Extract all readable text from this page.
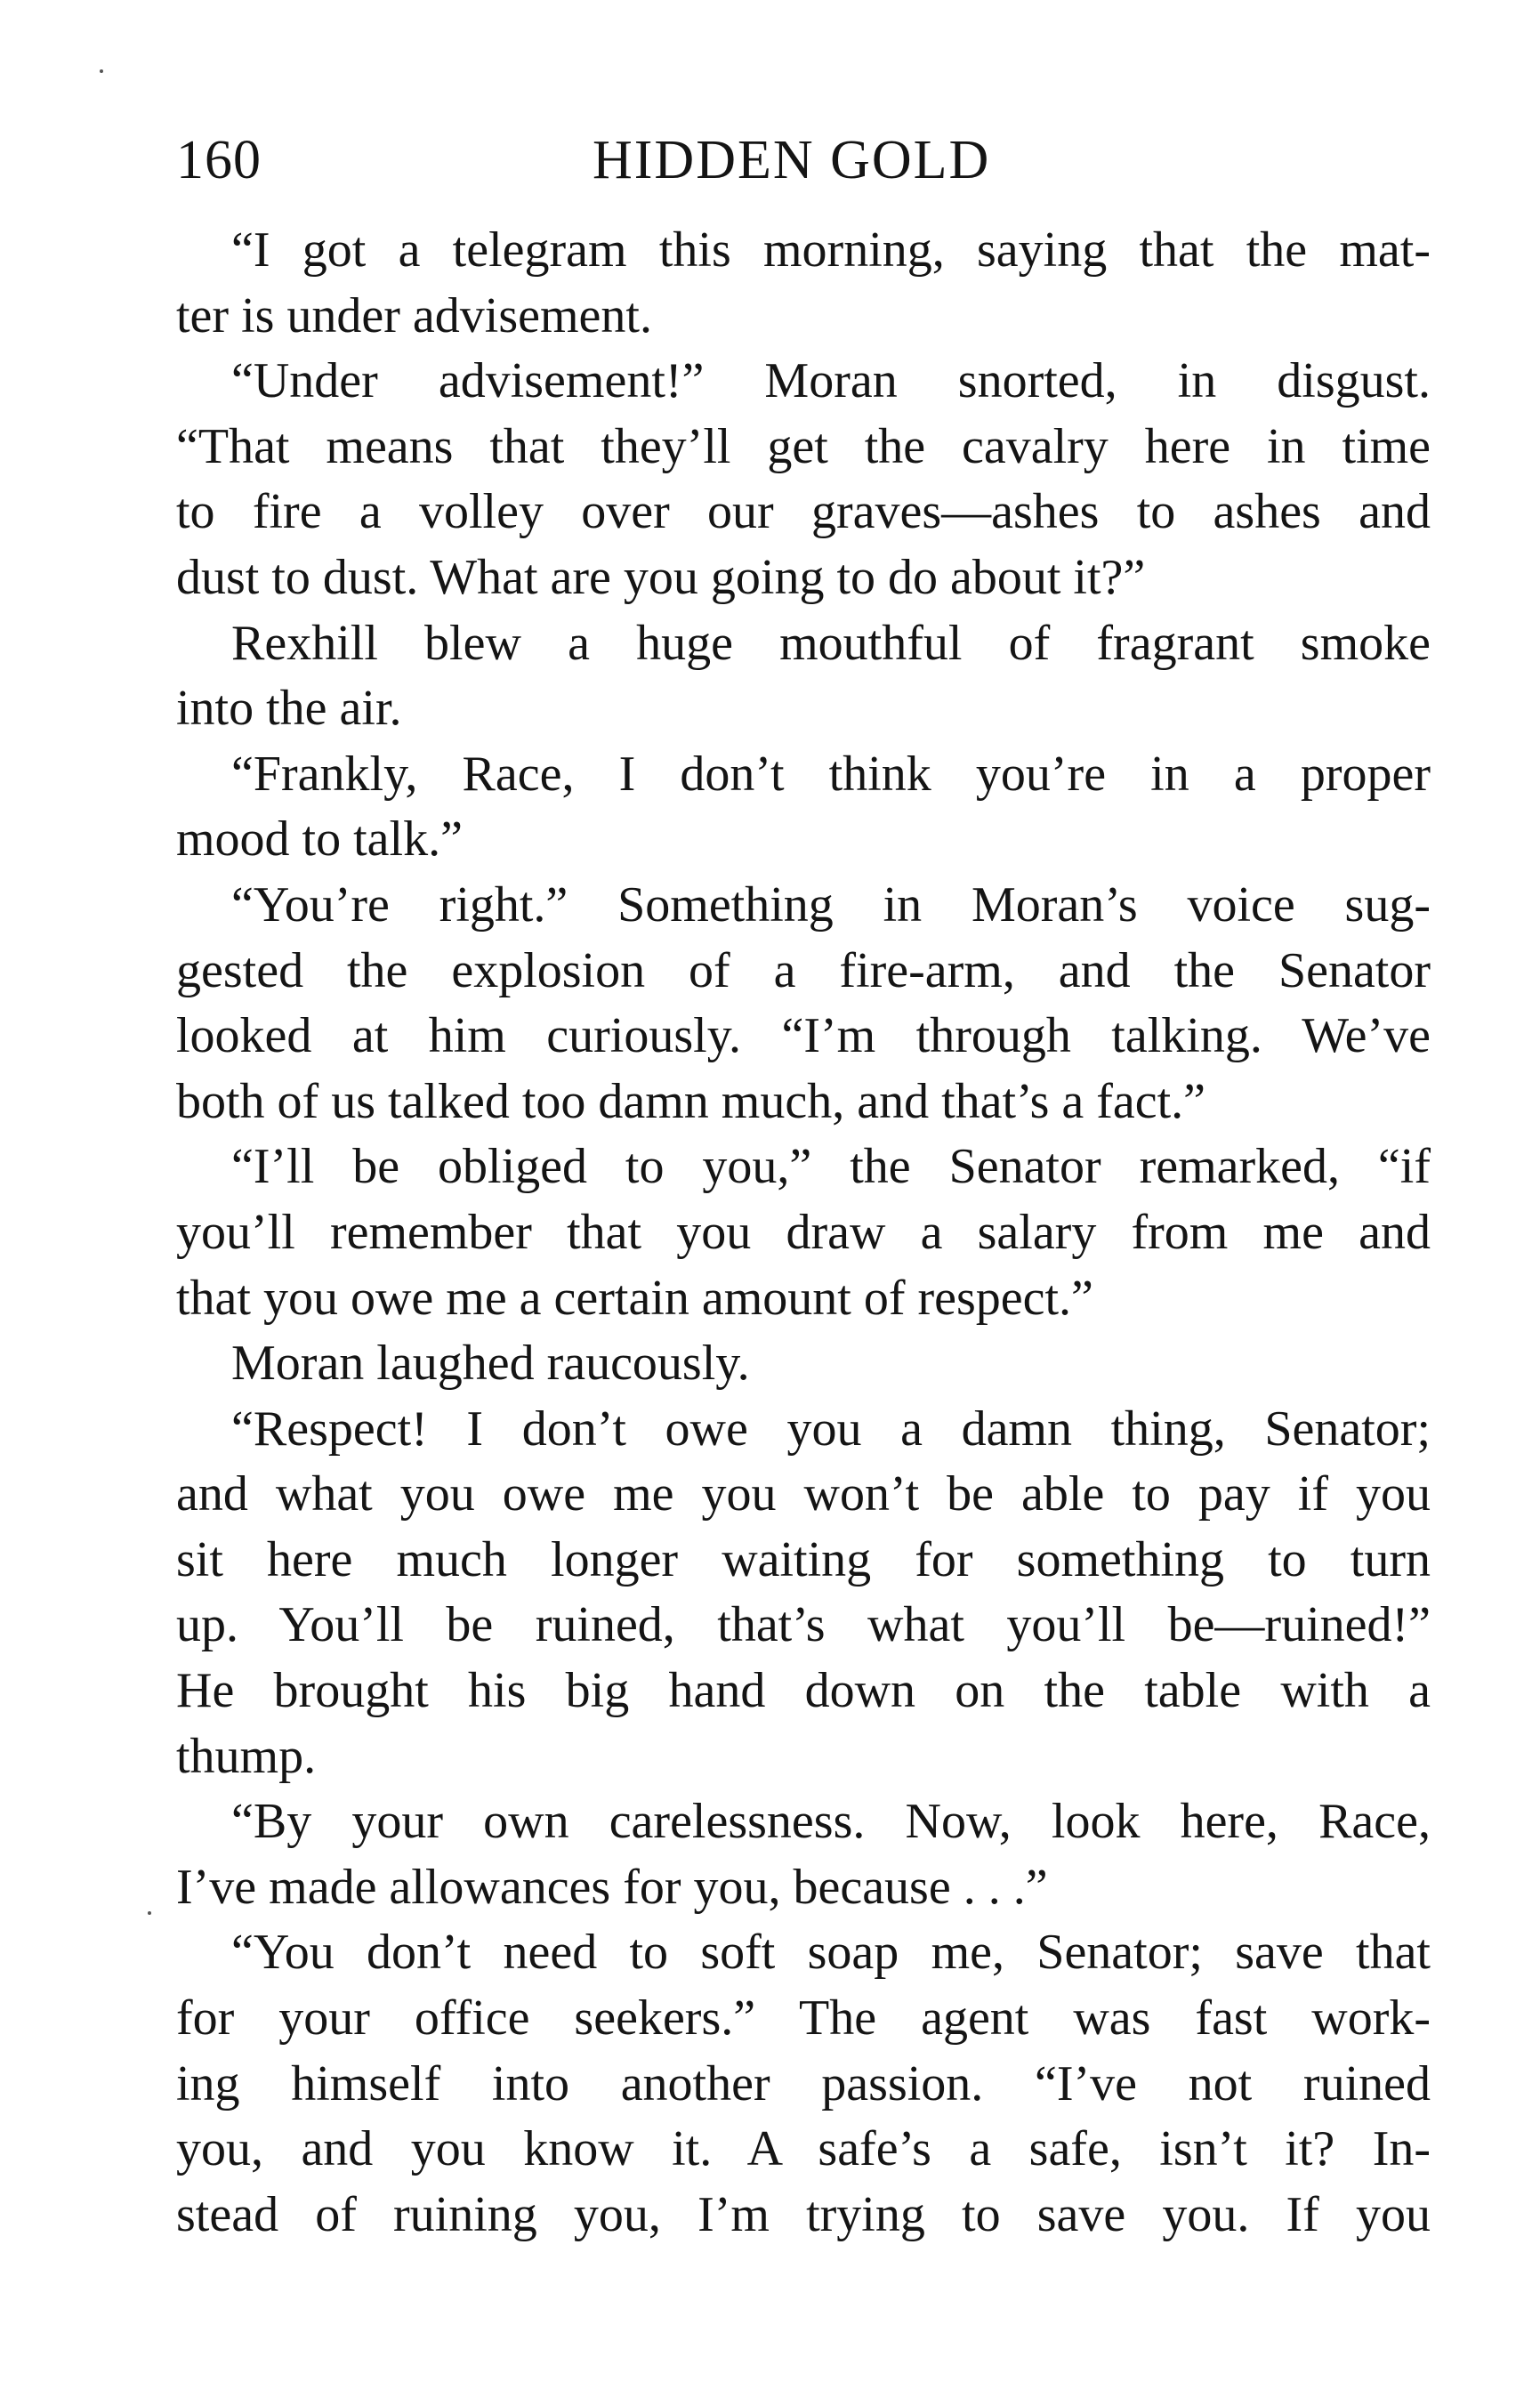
160	HIDDEN GOLD
“I got a telegram this morning, saying that the mat-
ter is under advisement.
“Under advisement!” Moran snorted, in disgust.
“That means that they’ll get the cavalry here in time
to fire a volley over our graves—ashes to ashes and
dust to dust. What are you going to do about it?”
Rexhill blew a huge mouthful of fragrant smoke
into the air.
“Frankly, Race, I don’t think you’re in a proper
mood to talk.”
“You’re right.” Something in Moran’s voice sug-
gested the explosion of a fire-arm, and the Senator
looked at him curiously. “I’m through talking. We’ve
both of us talked too damn much, and that’s a fact.”
“I’ll be obliged to you,” the Senator remarked, “if
you’ll remember that you draw a salary from me and
that you owe me a certain amount of respect.”
Moran laughed raucously.
“Respect! I don’t owe you a damn thing, Senator;
and what you owe me you won’t be able to pay if you
sit here much longer waiting for something to turn
up. You’ll be ruined, that’s what you’ll be—ruined!”
He brought his big hand down on the table with a
thump.
“By your own carelessness. Now, look here, Race,
I’ve made allowances for you, because . . .”
“You don’t need to soft soap me, Senator; save that
for your office seekers.” The agent was fast work-
ing himself into another passion. “I’ve not ruined
you, and you know it. A safe’s a safe, isn’t it? In-
stead of ruining you, I’m trying to save you. If you
